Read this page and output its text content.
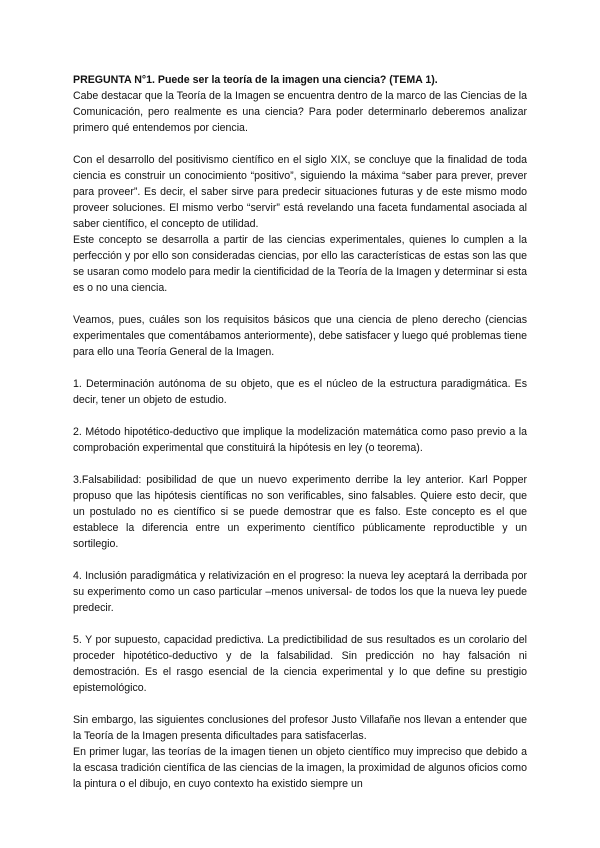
PREGUNTA N°1. Puede ser la teoría de la imagen una ciencia? (TEMA 1).

Cabe destacar que la Teoría de la Imagen se encuentra dentro de la marco de las Ciencias de la Comunicación, pero realmente es una ciencia? Para poder determinarlo deberemos analizar primero qué entendemos por ciencia.

Con el desarrollo del positivismo científico en el siglo XIX, se concluye que la finalidad de toda ciencia es construir un conocimiento “positivo”, siguiendo la máxima “saber para prever, prever para proveer”. Es decir, el saber sirve para predecir situaciones futuras y de este mismo modo proveer soluciones. El mismo verbo “servir” está revelando una faceta fundamental asociada al saber científico, el concepto de utilidad.

Este concepto se desarrolla a partir de las ciencias experimentales, quienes lo cumplen a la perfección y por ello son consideradas ciencias, por ello las características de estas son las que se usaran como modelo para medir la cientificidad de la Teoría de la Imagen y determinar si esta es o no una ciencia.

Veamos, pues, cuáles son los requisitos básicos que una ciencia de pleno derecho (ciencias experimentales que comentábamos anteriormente), debe satisfacer y luego qué problemas tiene para ello una Teoría General de la Imagen.

1. Determinación autónoma de su objeto, que es el núcleo de la estructura paradigmática. Es decir, tener un objeto de estudio.

2. Método hipotético-deductivo que implique la modelización matemática como paso previo a la comprobación experimental que constituirá la hipótesis en ley (o teorema).

3.Falsabilidad: posibilidad de que un nuevo experimento derribe la ley anterior. Karl Popper propuso que las hipótesis científicas no son verificables, sino falsables. Quiere esto decir, que un postulado no es científico si se puede demostrar que es falso. Este concepto es el que establece la diferencia entre un experimento científico públicamente reproductible y un sortilegio.

4. Inclusión paradigmática y relativización en el progreso: la nueva ley aceptará la derribada por su experimento como un caso particular –menos universal- de todos los que la nueva ley puede predecir.

5. Y por supuesto, capacidad predictiva. La predictibilidad de sus resultados es un corolario del proceder hipotético-deductivo y de la falsabilidad. Sin predicción no hay falsación ni demostración. Es el rasgo esencial de la ciencia experimental y lo que define su prestigio epistemológico.

Sin embargo, las siguientes conclusiones del profesor Justo Villafañe nos llevan a entender que la Teoría de la Imagen presenta dificultades para satisfacerlas.

En primer lugar, las teorías de la imagen tienen un objeto científico muy impreciso que debido a la escasa tradición científica de las ciencias de la imagen, la proximidad de algunos oficios como la pintura o el dibujo, en cuyo contexto ha existido siempre un
